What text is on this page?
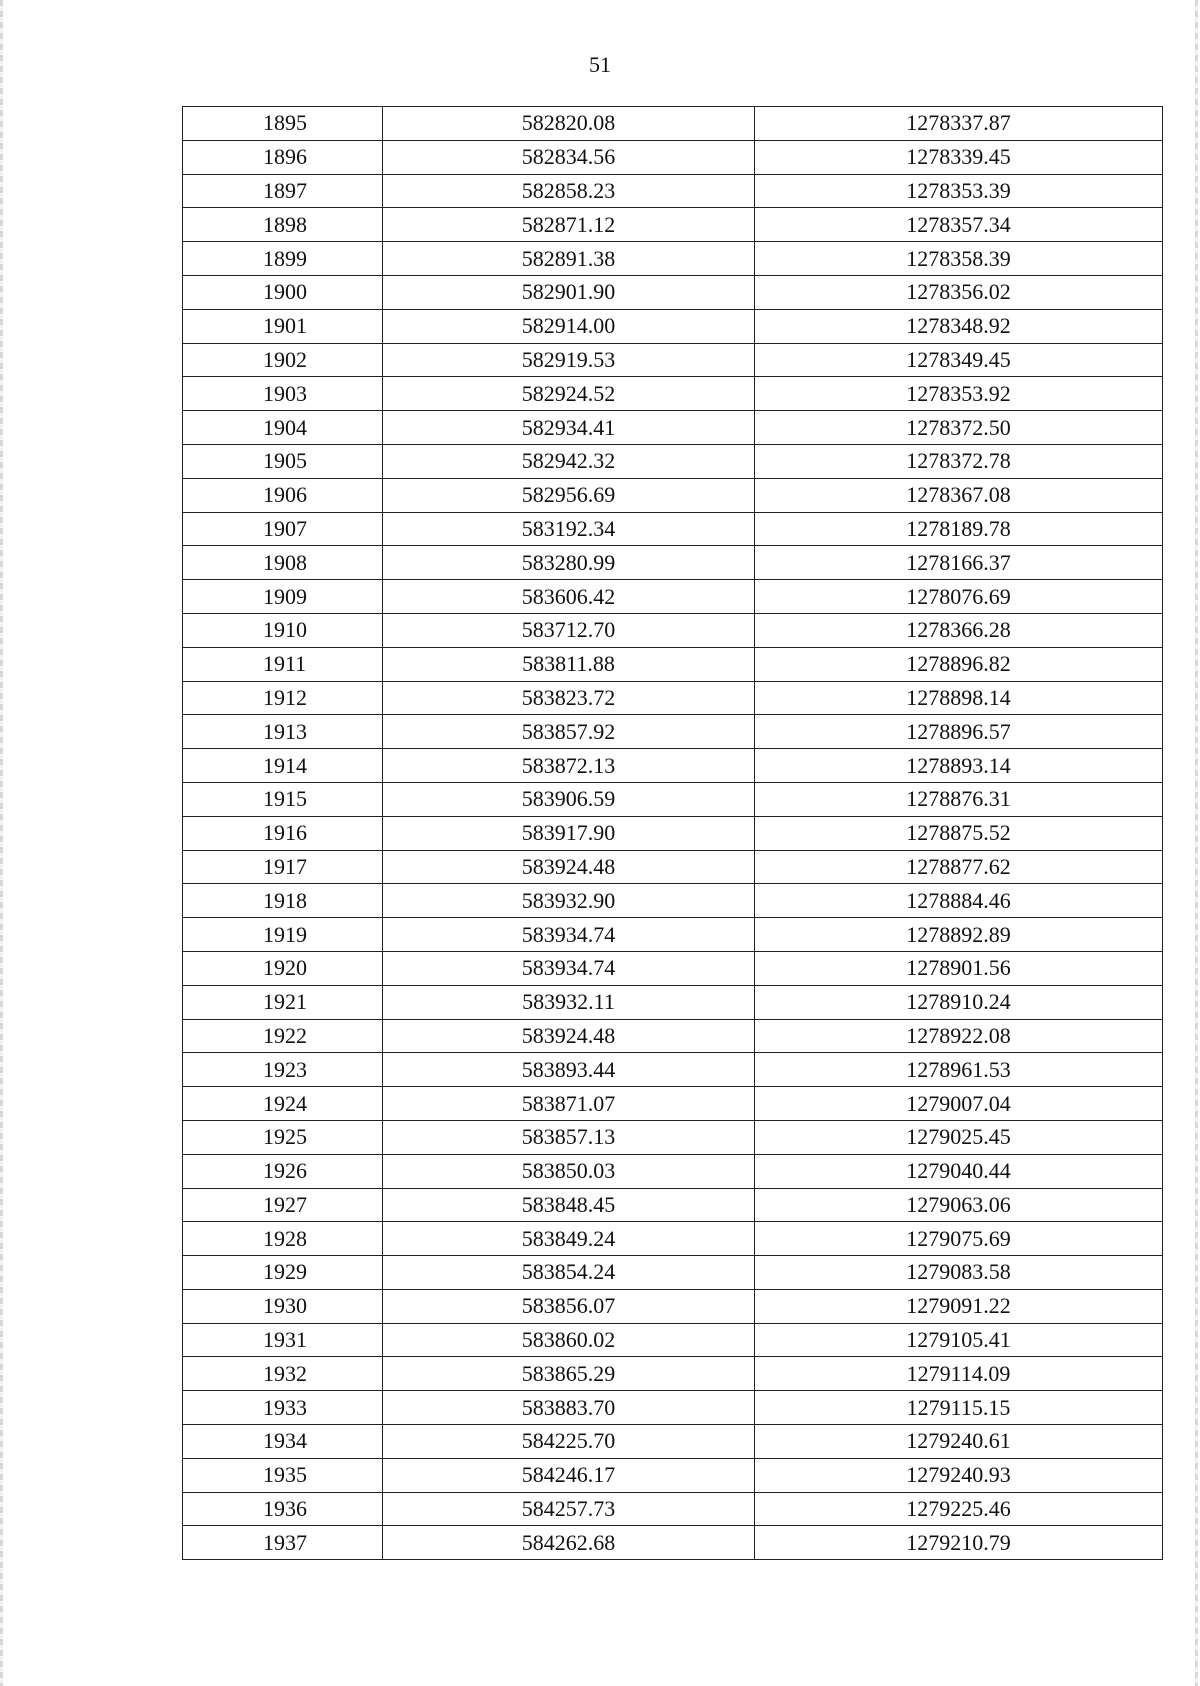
51
1895	582820.08	1278337.87
1896	582834.56	1278339.45
1897	582858.23	1278353.39
1898	582871.12	1278357.34
1899	582891.38	1278358.39
1900	582901.90	1278356.02
1901	582914.00	1278348.92
1902	582919.53	1278349.45
1903	582924.52	1278353.92
1904	582934.41	1278372.50
1905	582942.32	1278372.78
1906	582956.69	1278367.08
1907	583192.34	1278189.78
1908	583280.99	1278166.37
1909	583606.42	1278076.69
1910	583712.70	1278366.28
1911	583811.88	1278896.82
1912	583823.72	1278898.14
1913	583857.92	1278896.57
1914	583872.13	1278893.14
1915	583906.59	1278876.31
1916	583917.90	1278875.52
1917	583924.48	1278877.62
1918	583932.90	1278884.46
1919	583934.74	1278892.89
1920	583934.74	1278901.56
1921	583932.11	1278910.24
1922	583924.48	1278922.08
1923	583893.44	1278961.53
1924	583871.07	1279007.04
1925	583857.13	1279025.45
1926	583850.03	1279040.44
1927	583848.45	1279063.06
1928	583849.24	1279075.69
1929	583854.24	1279083.58
1930	583856.07	1279091.22
1931	583860.02	1279105.41
1932	583865.29	1279114.09
1933	583883.70	1279115.15
1934	584225.70	1279240.61
1935	584246.17	1279240.93
1936	584257.73	1279225.46
1937	584262.68	1279210.79
